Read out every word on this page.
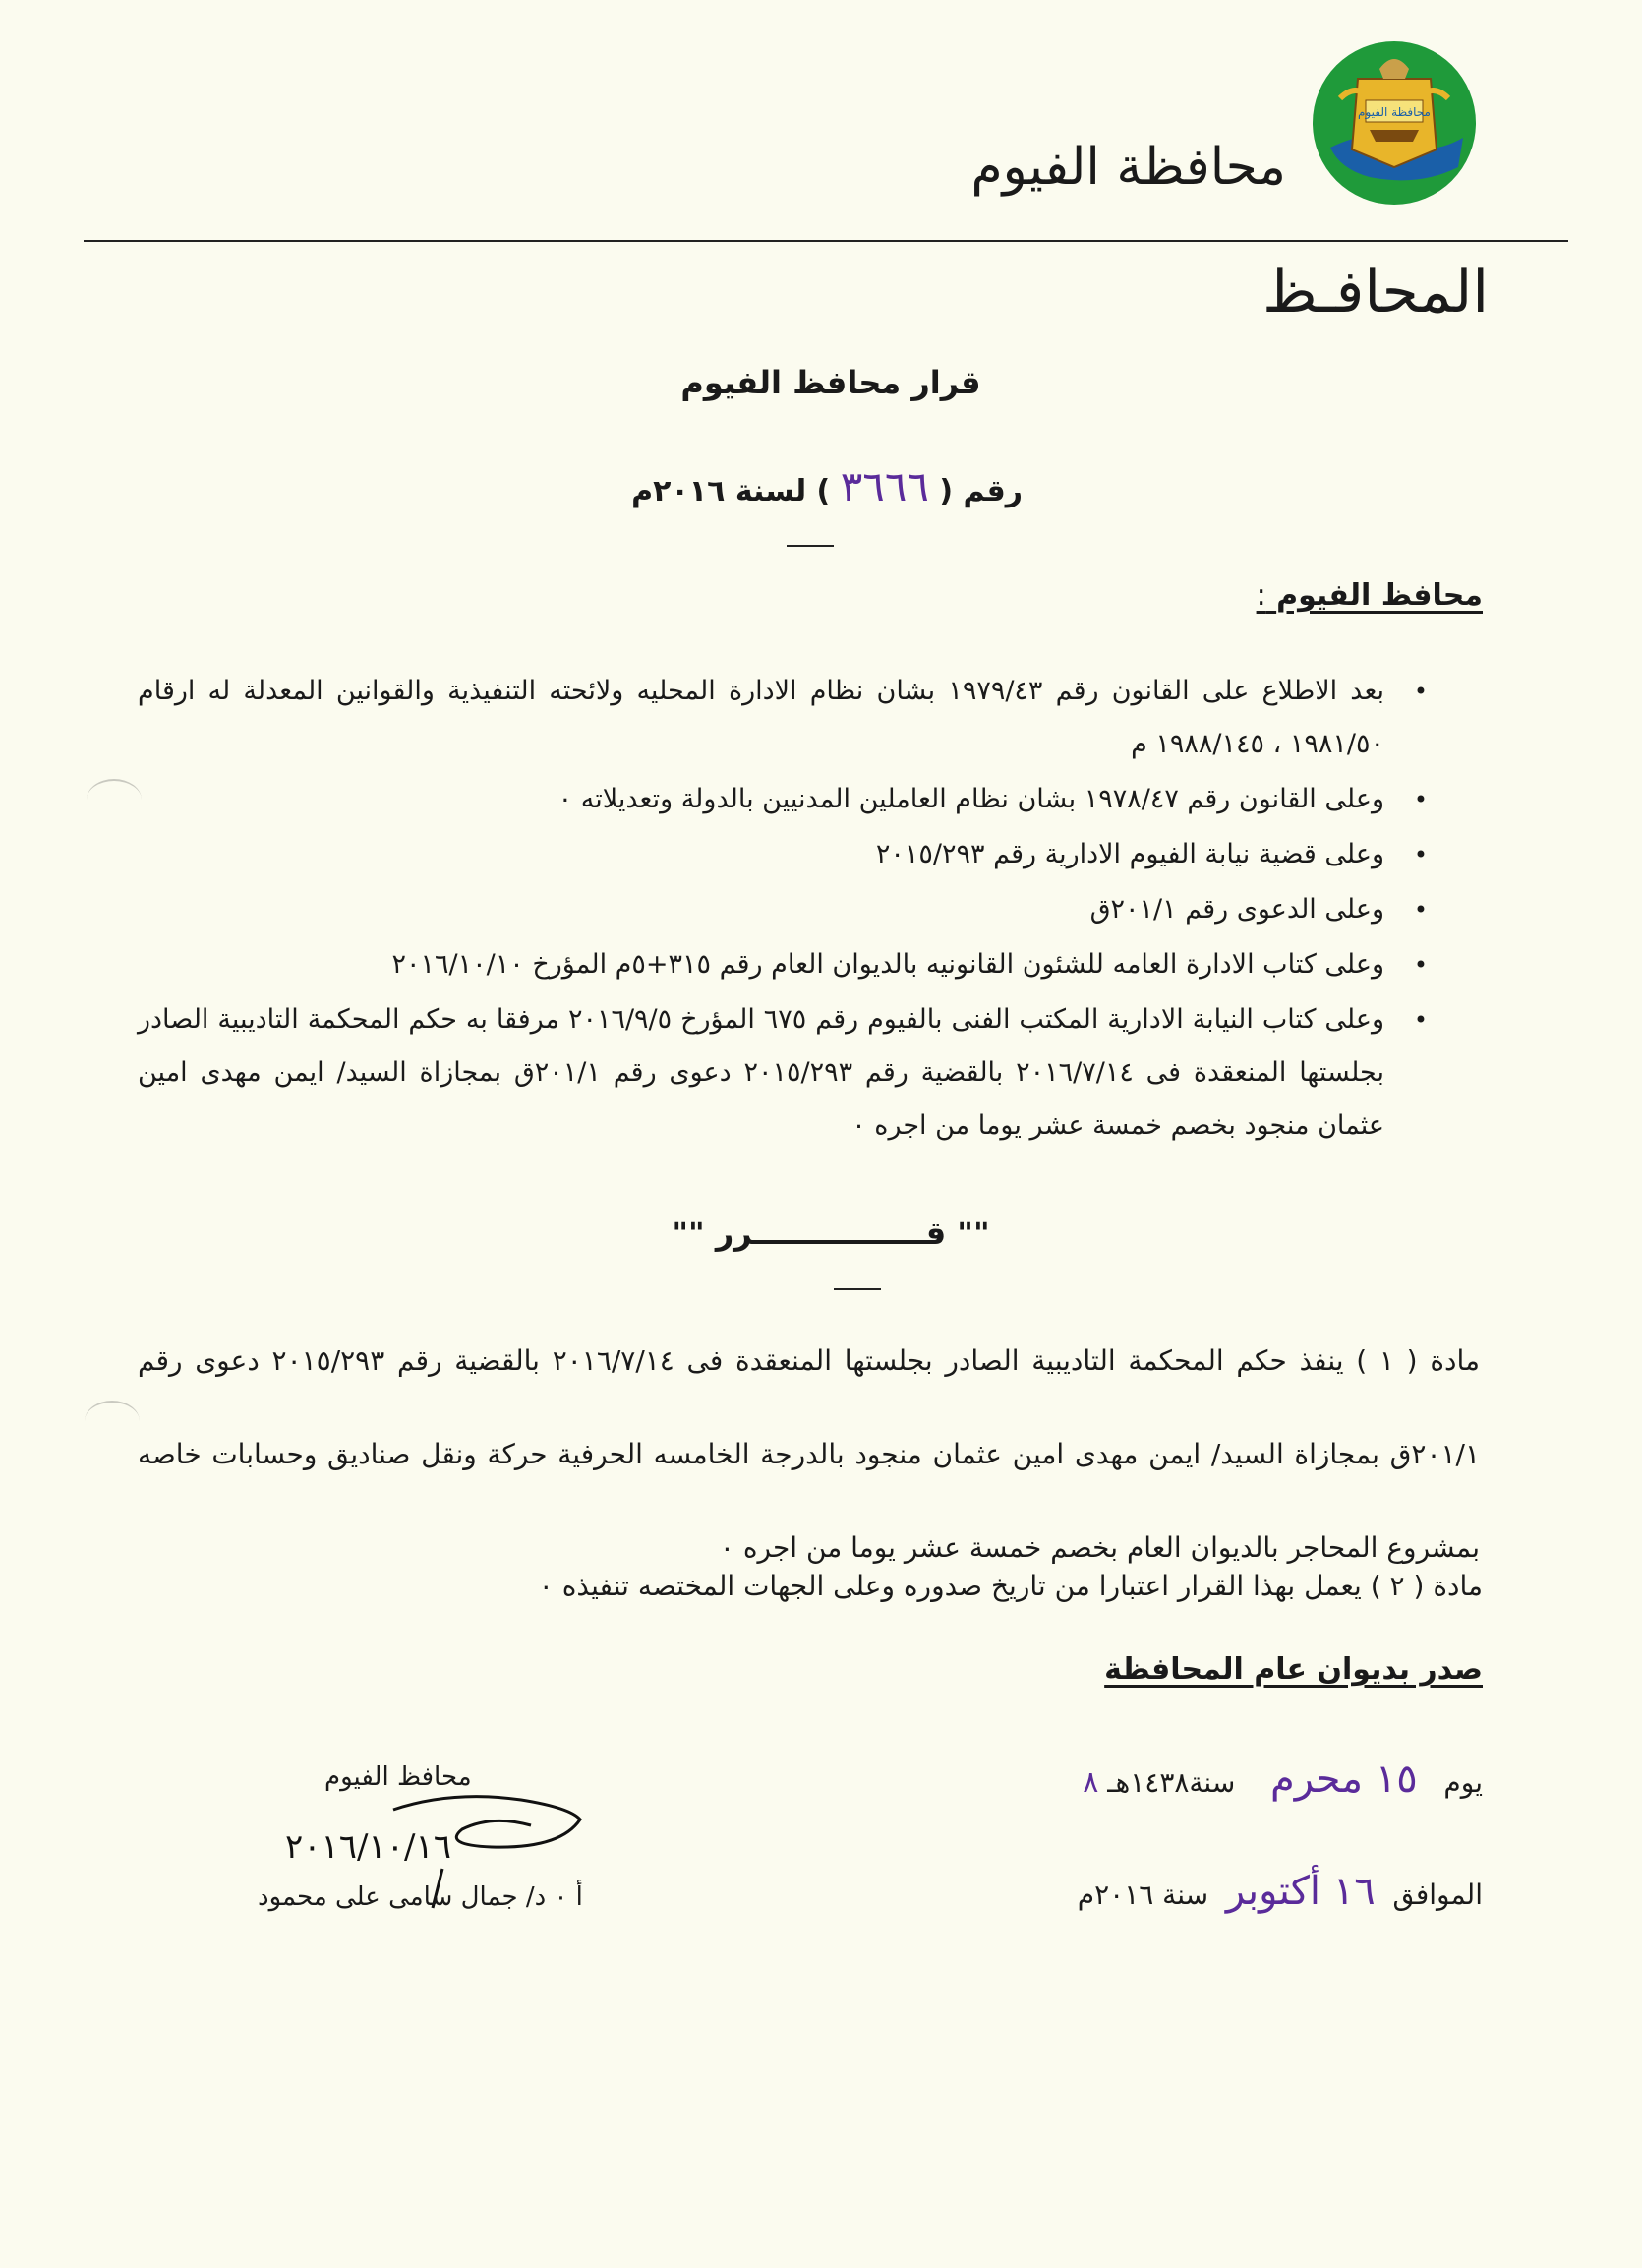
محافظة الفيوم
محافظة الفيوم
المحافـظ
قرار محافظ الفيوم
رقم ( ٣٦٦٦ ) لسنة ٢٠١٦م
محافظ الفيوم :
• بعد الاطلاع على القانون رقم ١٩٧٩/٤٣ بشان نظام الادارة المحليه ولائحته التنفيذية والقوانين المعدلة له ارقام ١٩٨١/٥٠ ، ١٩٨٨/١٤٥ م
• وعلى القانون رقم ١٩٧٨/٤٧ بشان نظام العاملين المدنيين بالدولة وتعديلاته ٠
• وعلى قضية نيابة الفيوم الادارية رقم ٢٠١٥/٢٩٣
• وعلى الدعوى رقم ٢٠١/١ق
• وعلى كتاب الادارة العامه للشئون القانونيه بالديوان العام رقم ٣١٥+٥م المؤرخ ٢٠١٦/١٠/١٠
• وعلى كتاب النيابة الادارية المكتب الفنى بالفيوم رقم ٦٧٥ المؤرخ ٢٠١٦/٩/٥ مرفقا به حكم المحكمة التاديبية الصادر بجلستها المنعقدة فى ٢٠١٦/٧/١٤ بالقضية رقم ٢٠١٥/٢٩٣ دعوى رقم ٢٠١/١ق بمجازاة السيد/ ايمن مهدى امين عثمان منجود بخصم خمسة عشر يوما من اجره ٠
"" قــــــــــــــــرر ""
مادة ( ١ ) ينفذ حكم المحكمة التاديبية الصادر بجلستها المنعقدة فى ٢٠١٦/٧/١٤ بالقضية رقم ٢٠١٥/٢٩٣ دعوى رقم ٢٠١/١ق بمجازاة السيد/ ايمن مهدى امين عثمان منجود بالدرجة الخامسه الحرفية حركة ونقل صناديق وحسابات خاصه بمشروع المحاجر بالديوان العام بخصم خمسة عشر يوما من اجره ٠
مادة ( ٢ ) يعمل بهذا القرار اعتبارا من تاريخ صدوره وعلى الجهات المختصه تنفيذه ٠
صدر بديوان عام المحافظة
يوم   ١٥ محرم    سنة١٤٣٨هـ ٨
الموافق  ١٦ أكتوبر  سنة ٢٠١٦م
محافظ الفيوم
٢٠١٦/١٠/١٦
أ ٠ د/ جمال سامى على محمود
